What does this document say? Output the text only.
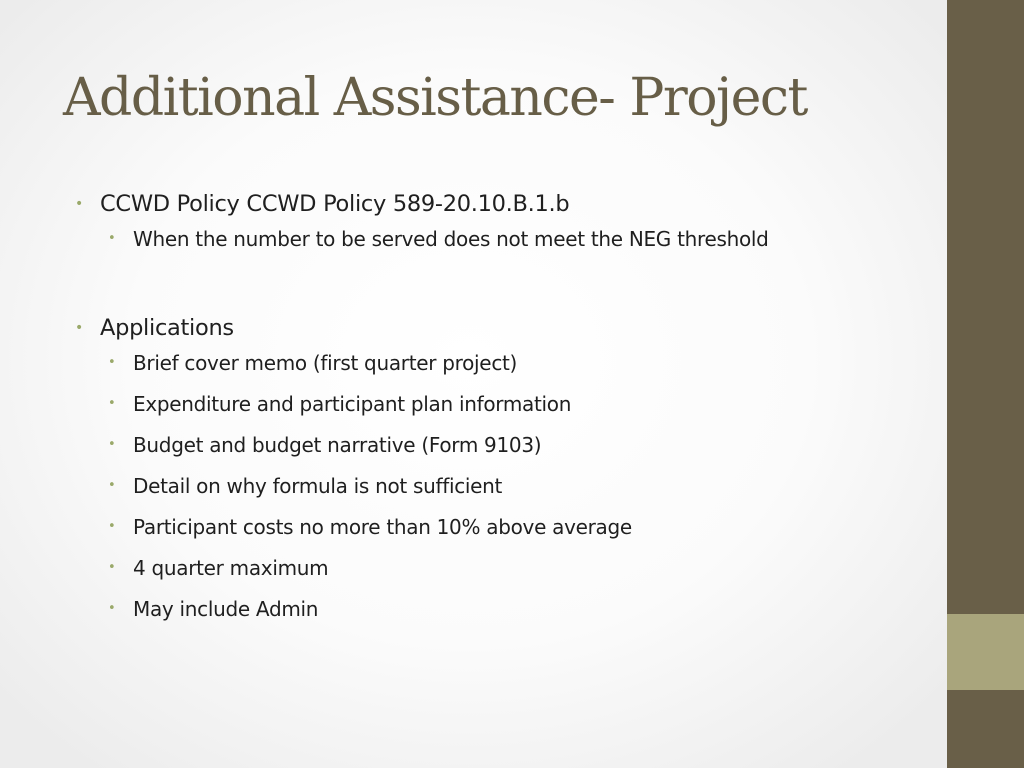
Additional Assistance- Project
• CCWD Policy CCWD Policy 589-20.10.B.1.b
• When the number to be served does not meet the NEG threshold
• Applications
• Brief cover memo (first quarter project)
• Expenditure and participant plan information
• Budget and budget narrative (Form 9103)
• Detail on why formula is not sufficient
• Participant costs no more than 10% above average
• 4 quarter maximum
• May include Admin
